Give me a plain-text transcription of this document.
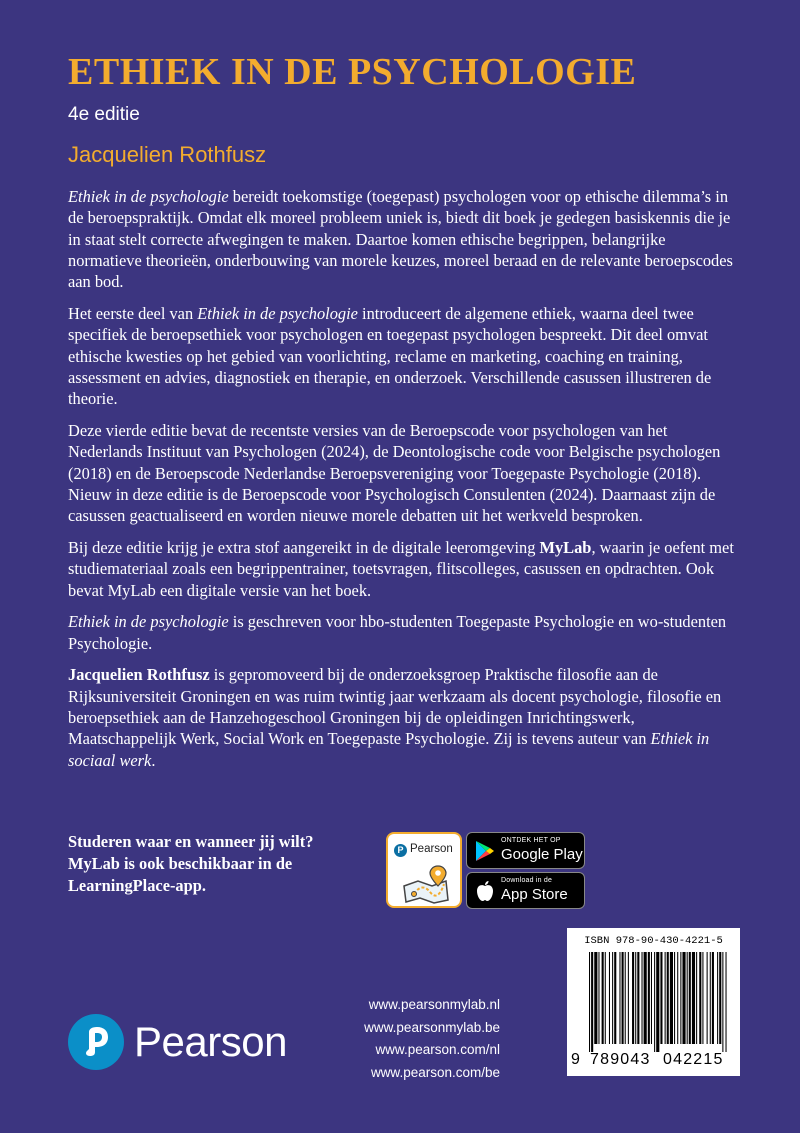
ETHIEK IN DE PSYCHOLOGIE
4e editie
Jacquelien Rothfusz

Ethiek in de psychologie bereidt toekomstige (toegepast) psychologen voor op ethische dilemma’s in de beroepspraktijk. Omdat elk moreel probleem uniek is, biedt dit boek je gedegen basiskennis die je in staat stelt correcte afwegingen te maken. Daartoe komen ethische begrippen, belangrijke normatieve theorieën, onderbouwing van morele keuzes, moreel beraad en de relevante beroepscodes aan bod.

Het eerste deel van Ethiek in de psychologie introduceert de algemene ethiek, waarna deel twee specifiek de beroepsethiek voor psychologen en toegepast psychologen bespreekt. Dit deel omvat ethische kwesties op het gebied van voorlichting, reclame en marketing, coaching en training, assessment en advies, diagnostiek en therapie, en onderzoek. Verschillende casussen illustreren de theorie.

Deze vierde editie bevat de recentste versies van de Beroepscode voor psychologen van het Nederlands Instituut van Psychologen (2024), de Deontologische code voor Belgische psychologen (2018) en de Beroepscode Nederlandse Beroepsvereniging voor Toegepaste Psychologie (2018). Nieuw in deze editie is de Beroepscode voor Psychologisch Consulenten (2024). Daarnaast zijn de casussen geactualiseerd en worden nieuwe morele debatten uit het werkveld besproken.

Bij deze editie krijg je extra stof aangereikt in de digitale leeromgeving MyLab, waarin je oefent met studiemateriaal zoals een begrippentrainer, toetsvragen, flitscolleges, casussen en opdrachten. Ook bevat MyLab een digitale versie van het boek.

Ethiek in de psychologie is geschreven voor hbo-studenten Toegepaste Psychologie en wo-studenten Psychologie.

Jacquelien Rothfusz is gepromoveerd bij de onderzoeksgroep Praktische filosofie aan de Rijksuniversiteit Groningen en was ruim twintig jaar werkzaam als docent psychologie, filosofie en beroepsethiek aan de Hanzehogeschool Groningen bij de opleidingen Inrichtingswerk, Maatschappelijk Werk, Social Work en Toegepaste Psychologie. Zij is tevens auteur van Ethiek in sociaal werk.

Studeren waar en wanneer jij wilt?
MyLab is ook beschikbaar in de
LearningPlace-app.
P Pearson
ONTDEK HET OP
Google Play
Download in de
App Store
ISBN 978-90-430-4221-5
9 789043 042215
www.pearsonmylab.nl
www.pearsonmylab.be
www.pearson.com/nl
www.pearson.com/be
Pearson
